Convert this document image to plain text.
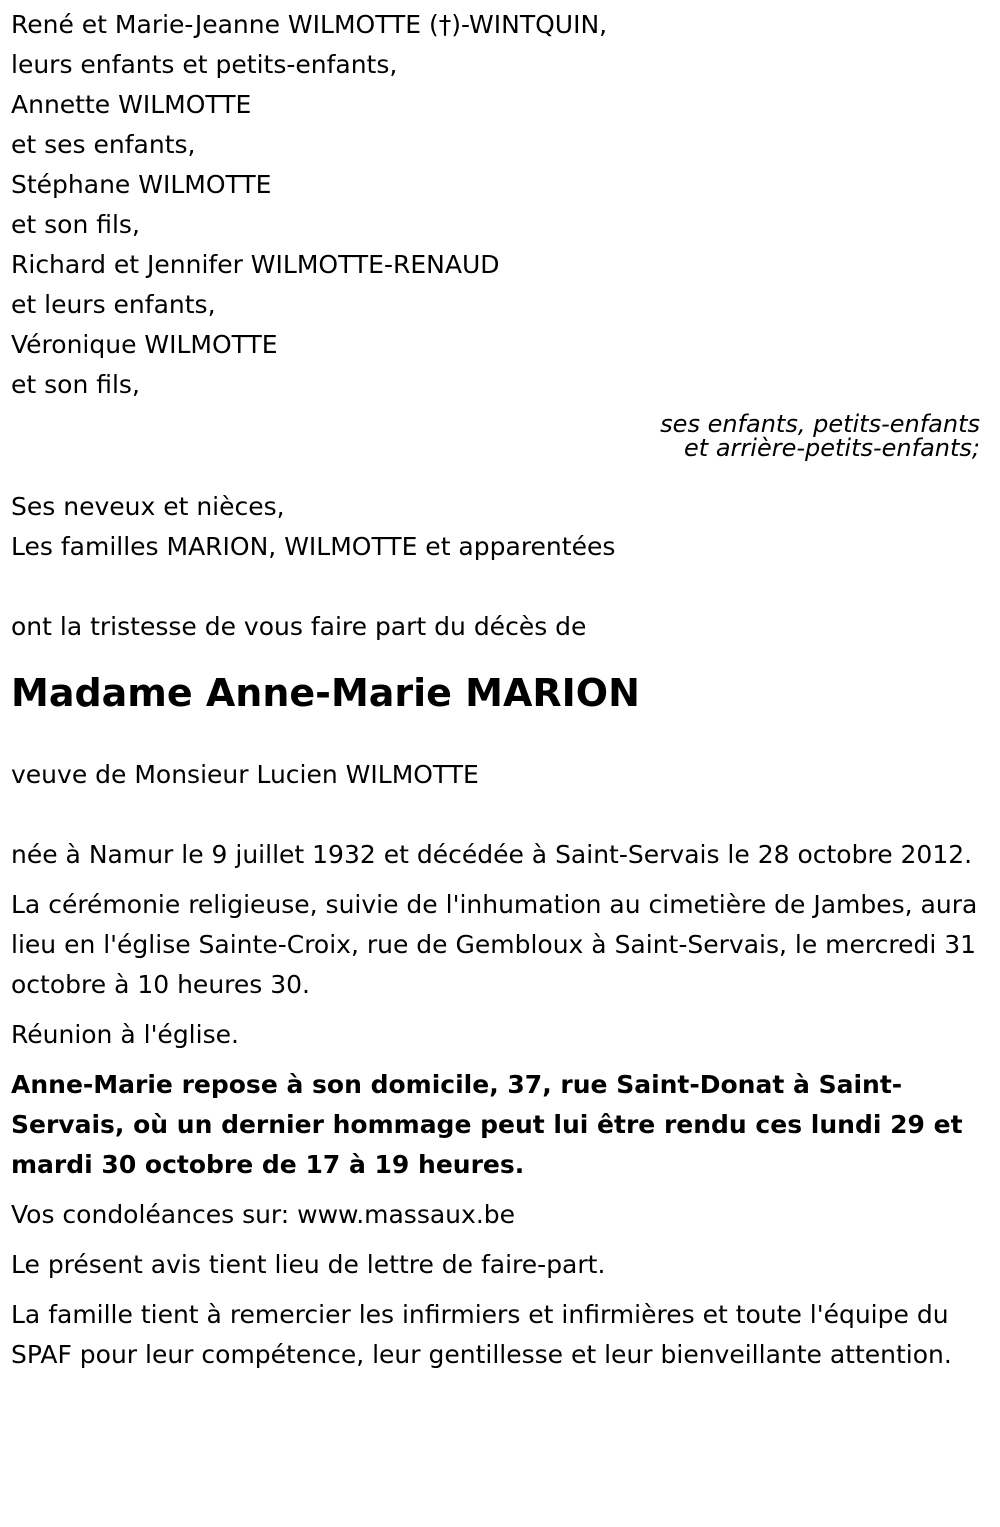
René et Marie-Jeanne WILMOTTE (†)-WINTQUIN,
leurs enfants et petits-enfants,
Annette WILMOTTE
et ses enfants,
Stéphane WILMOTTE
et son fils,
Richard et Jennifer WILMOTTE-RENAUD
et leurs enfants,
Véronique WILMOTTE
et son fils,
ses enfants, petits-enfants
et arrière-petits-enfants;
Ses neveux et nièces,
Les familles MARION, WILMOTTE et apparentées
ont la tristesse de vous faire part du décès de
Madame Anne-Marie MARION
veuve de Monsieur Lucien WILMOTTE

née à Namur le 9 juillet 1932 et décédée à Saint-Servais le 28 octobre 2012.

La cérémonie religieuse, suivie de l'inhumation au cimetière de Jambes, aura lieu en l'église Sainte-Croix, rue de Gembloux à Saint-Servais, le mercredi 31 octobre à 10 heures 30.

Réunion à l'église.

Anne-Marie repose à son domicile, 37, rue Saint-Donat à Saint-Servais, où un dernier hommage peut lui être rendu ces lundi 29 et mardi 30 octobre de 17 à 19 heures.

Vos condoléances sur: www.massaux.be

Le présent avis tient lieu de lettre de faire-part.

La famille tient à remercier les infirmiers et infirmières et toute l'équipe du SPAF pour leur compétence, leur gentillesse et leur bienveillante attention.
